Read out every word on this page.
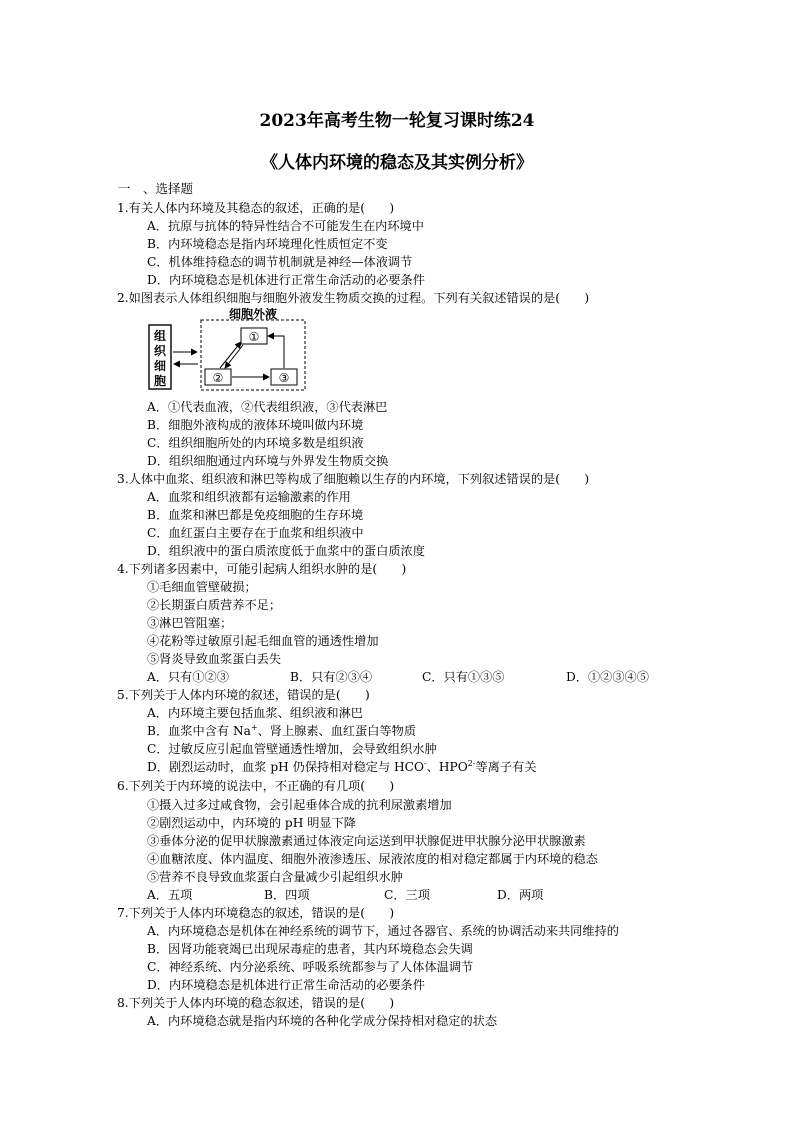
2023年高考生物一轮复习课时练24
《人体内环境的稳态及其实例分析》
一　、选择题
1.有关人体内环境及其稳态的叙述，正确的是(　　)
A．抗原与抗体的特异性结合不可能发生在内环境中
B．内环境稳态是指内环境理化性质恒定不变
C．机体维持稳态的调节机制就是神经—体液调节
D．内环境稳态是机体进行正常生命活动的必要条件
2.如图表示人体组织细胞与细胞外液发生物质交换的过程。下列有关叙述错误的是(　　)
组
织
细
胞
细胞外液
①
②	③
A．①代表血液，②代表组织液，③代表淋巴
B．细胞外液构成的液体环境叫做内环境
C．组织细胞所处的内环境多数是组织液
D．组织细胞通过内环境与外界发生物质交换
3.人体中血浆、组织液和淋巴等构成了细胞赖以生存的内环境，下列叙述错误的是(　　)
A．血浆和组织液都有运输激素的作用
B．血浆和淋巴都是免疫细胞的生存环境
C．血红蛋白主要存在于血浆和组织液中
D．组织液中的蛋白质浓度低于血浆中的蛋白质浓度
4.下列诸多因素中，可能引起病人组织水肿的是(　　)
①毛细血管壁破损；
②长期蛋白质营养不足；
③淋巴管阻塞；
④花粉等过敏原引起毛细血管的通透性增加
⑤肾炎导致血浆蛋白丢失
A．只有①②③	B．只有②③④	C．只有①③⑤	D．①②③④⑤
5.下列关于人体内环境的叙述，错误的是(　　)
A．内环境主要包括血浆、组织液和淋巴
B．血浆中含有 Na+、肾上腺素、血红蛋白等物质
C．过敏反应引起血管壁通透性增加，会导致组织水肿
D．剧烈运动时，血浆 pH 仍保持相对稳定与 HCO-、$HPO^{2-}$等离子有关
6.下列关于内环境的说法中，不正确的有几项(　　)
①摄入过多过咸食物，会引起垂体合成的抗利尿激素增加
②剧烈运动中，内环境的 pH 明显下降
③垂体分泌的促甲状腺激素通过体液定向运送到甲状腺促进甲状腺分泌甲状腺激素
④血糖浓度、体内温度、细胞外液渗透压、尿液浓度的相对稳定都属于内环境的稳态
⑤营养不良导致血浆蛋白含量减少引起组织水肿
A．五项	B．四项	C．三项	D．两项
7.下列关于人体内环境稳态的叙述，错误的是(　　)
A．内环境稳态是机体在神经系统的调节下，通过各器官、系统的协调活动来共同维持的
B．因肾功能衰竭已出现尿毒症的患者，其内环境稳态会失调
C．神经系统、内分泌系统、呼吸系统都参与了人体体温调节
D．内环境稳态是机体进行正常生命活动的必要条件
8.下列关于人体内环境的稳态叙述，错误的是(　　)
A．内环境稳态就是指内环境的各种化学成分保持相对稳定的状态
